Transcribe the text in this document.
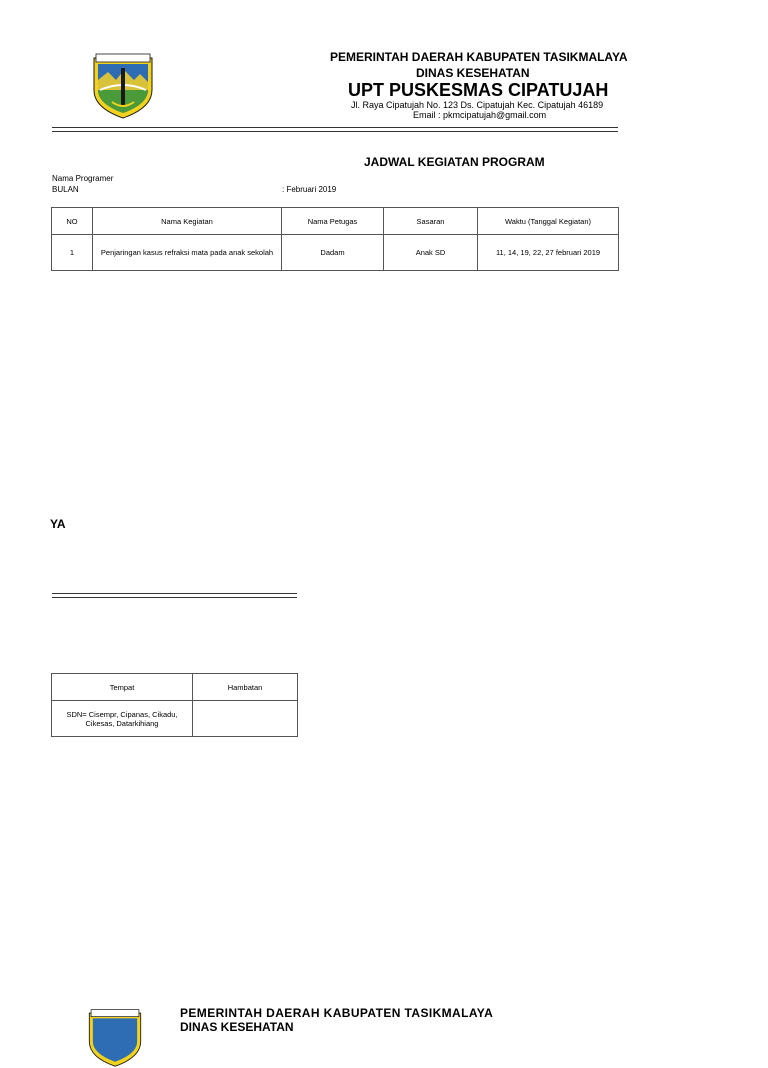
PEMERINTAH DAERAH KABUPATEN TASIKMALAYA
DINAS KESEHATAN
UPT PUSKESMAS CIPATUJAH
Jl. Raya Cipatujah No. 123 Ds. Cipatujah Kec. Cipatujah 46189
Email : pkmcipatujah@gmail.com
JADWAL KEGIATAN PROGRAM
Nama Programer
BULAN	: Februari 2019
NO	Nama Kegiatan	Nama Petugas	Sasaran	Waktu (Tanggal Kegiatan)
1	Penjaringan kasus refraksi mata pada anak sekolah	Dadam	Anak SD	11, 14, 19, 22, 27 februari 2019
YA
Tempat	Hambatan
SDN= Cisempr, Cipanas, Cikadu, Cikesas, Datarkihiang	
PEMERINTAH DAERAH KABUPATEN TASIKMALAYA
DINAS KESEHATAN
